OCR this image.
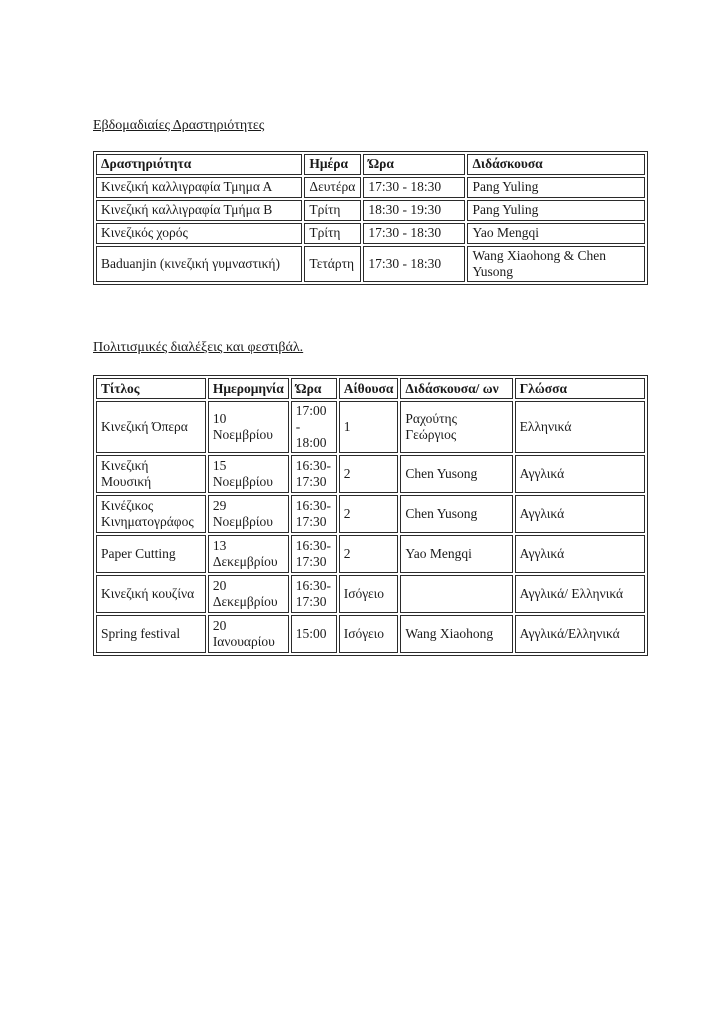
Εβδομαδιαίες Δραστηριότητες
Δραστηριότητα	Ημέρα	Ώρα	Διδάσκουσα
Κινεζική καλλιγραφία Τμημα Α	Δευτέρα	17:30 - 18:30	Pang Yuling
Κινεζική καλλιγραφία Τμήμα Β	Τρίτη	18:30 - 19:30	Pang Yuling
Κινεζικός χορός	Τρίτη	17:30 - 18:30	Yao Mengqi
Baduanjin (κινεζική γυμναστική)	Τετάρτη	17:30 - 18:30	Wang Xiaohong & Chen Yusong
Πολιτισμικές διαλέξεις και φεστιβάλ.
Τίτλος	Ημερομηνία	Ώρα	Αίθουσα	Διδάσκουσα/ ων	Γλώσσα
Κινεζική Όπερα	10 Νοεμβρίου	17:00 - 18:00	1	Ραχούτης Γεώργιος	Ελληνικά
Κινεζική Μουσική	15 Νοεμβρίου	16:30-17:30	2	Chen Yusong	Αγγλικά
Κινέζικος Κινηματογράφος	29 Νοεμβρίου	16:30-17:30	2	Chen Yusong	Αγγλικά
Paper Cutting	13 Δεκεμβρίου	16:30-17:30	2	Yao Mengqi	Αγγλικά
Κινεζική κουζίνα	20 Δεκεμβρίου	16:30-17:30	Ισόγειο		Αγγλικά/ Ελληνικά
Spring festival	20 Ιανουαρίου	15:00	Ισόγειο	Wang Xiaohong	Αγγλικά/Ελληνικά
